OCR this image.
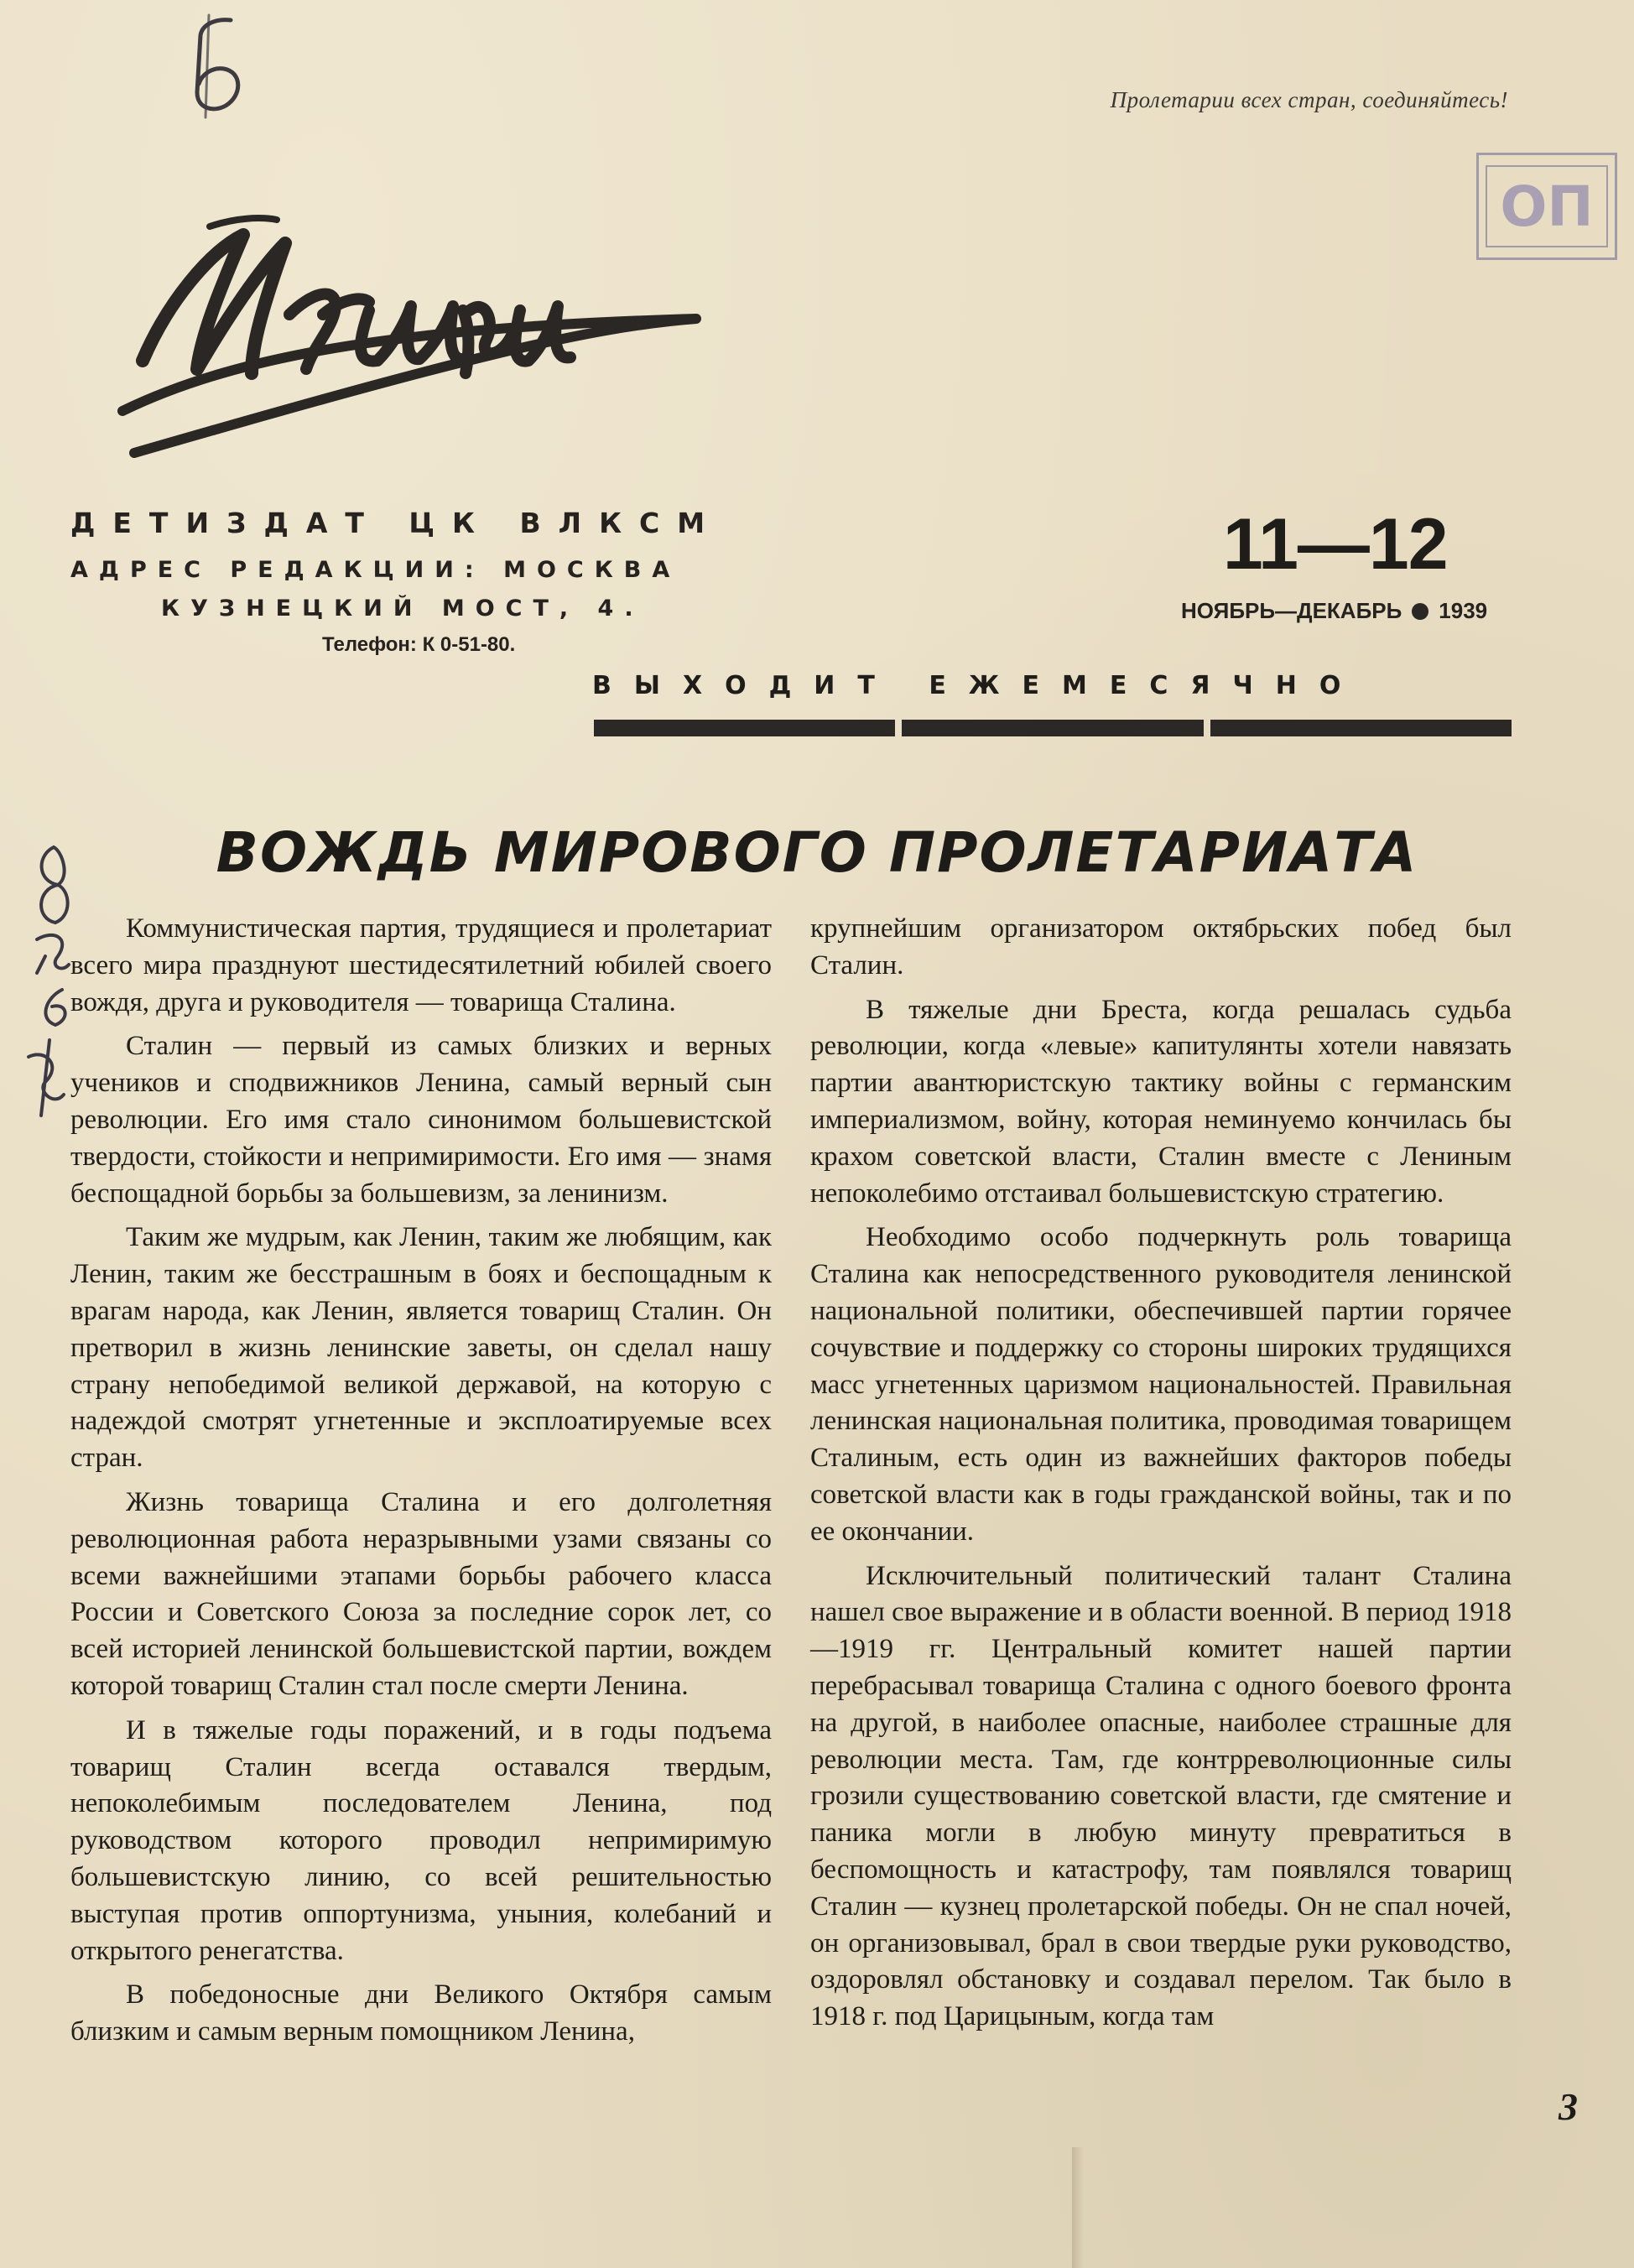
Пролетарии всех стран, соединяйтесь!
ОП
ДЕТИЗДАТ ЦК ВЛКСМ
АДРЕС РЕДАКЦИИ: МОСКВА
КУЗНЕЦКИЙ МОСТ, 4.
Телефон: К 0-51-80.
11—12
НОЯБРЬ—ДЕКАБРЬ 1939
ВЫХОДИТ ЕЖЕМЕСЯЧНО
ВОЖДЬ МИРОВОГО ПРОЛЕТАРИАТА

Коммунистическая партия, трудящиеся и пролетариат всего мира празднуют шестидесятилетний юбилей своего вождя, друга и руководителя — товарища Сталина.

Сталин — первый из самых близких и верных учеников и сподвижников Ленина, самый верный сын революции. Его имя стало синонимом большевистской твердости, стойкости и непримиримости. Его имя — знамя беспощадной борьбы за большевизм, за ленинизм.

Таким же мудрым, как Ленин, таким же любящим, как Ленин, таким же бесстрашным в боях и беспощадным к врагам народа, как Ленин, является товарищ Сталин. Он претворил в жизнь ленинские заветы, он сделал нашу страну непобедимой великой державой, на которую с надеждой смотрят угнетенные и эксплоатируемые всех стран.

Жизнь товарища Сталина и его долголетняя революционная работа неразрывными узами связаны со всеми важнейшими этапами борьбы рабочего класса России и Советского Союза за последние сорок лет, со всей историей ленинской большевистской партии, вождем которой товарищ Сталин стал после смерти Ленина.

И в тяжелые годы поражений, и в годы подъема товарищ Сталин всегда оставался твердым, непоколебимым последователем Ленина, под руководством которого проводил непримиримую большевистскую линию, со всей решительностью выступая против оппортунизма, уныния, колебаний и открытого ренегатства.

В победоносные дни Великого Октября самым близким и самым верным помощником Ленина,

крупнейшим организатором октябрьских побед был Сталин.

В тяжелые дни Бреста, когда решалась судьба революции, когда «левые» капитулянты хотели навязать партии авантюристскую тактику войны с германским империализмом, войну, которая неминуемо кончилась бы крахом советской власти, Сталин вместе с Лениным непоколебимо отстаивал большевистскую стратегию.

Необходимо особо подчеркнуть роль товарища Сталина как непосредственного руководителя ленинской национальной политики, обеспечившей партии горячее сочувствие и поддержку со стороны широких трудящихся масс угнетенных царизмом национальностей. Правильная ленинская национальная политика, проводимая товарищем Сталиным, есть один из важнейших факторов победы советской власти как в годы гражданской войны, так и по ее окончании.

Исключительный политический талант Сталина нашел свое выражение и в области военной. В период 1918—1919 гг. Центральный комитет нашей партии перебрасывал товарища Сталина с одного боевого фронта на другой, в наиболее опасные, наиболее страшные для революции места. Там, где контрреволюционные силы грозили существованию советской власти, где смятение и паника могли в любую минуту превратиться в беспомощность и катастрофу, там появлялся товарищ Сталин — кузнец пролетарской победы. Он не спал ночей, он организовывал, брал в свои твердые руки руководство, оздоровлял обстановку и создавал перелом. Так было в 1918 г. под Царицыным, когда там

3
